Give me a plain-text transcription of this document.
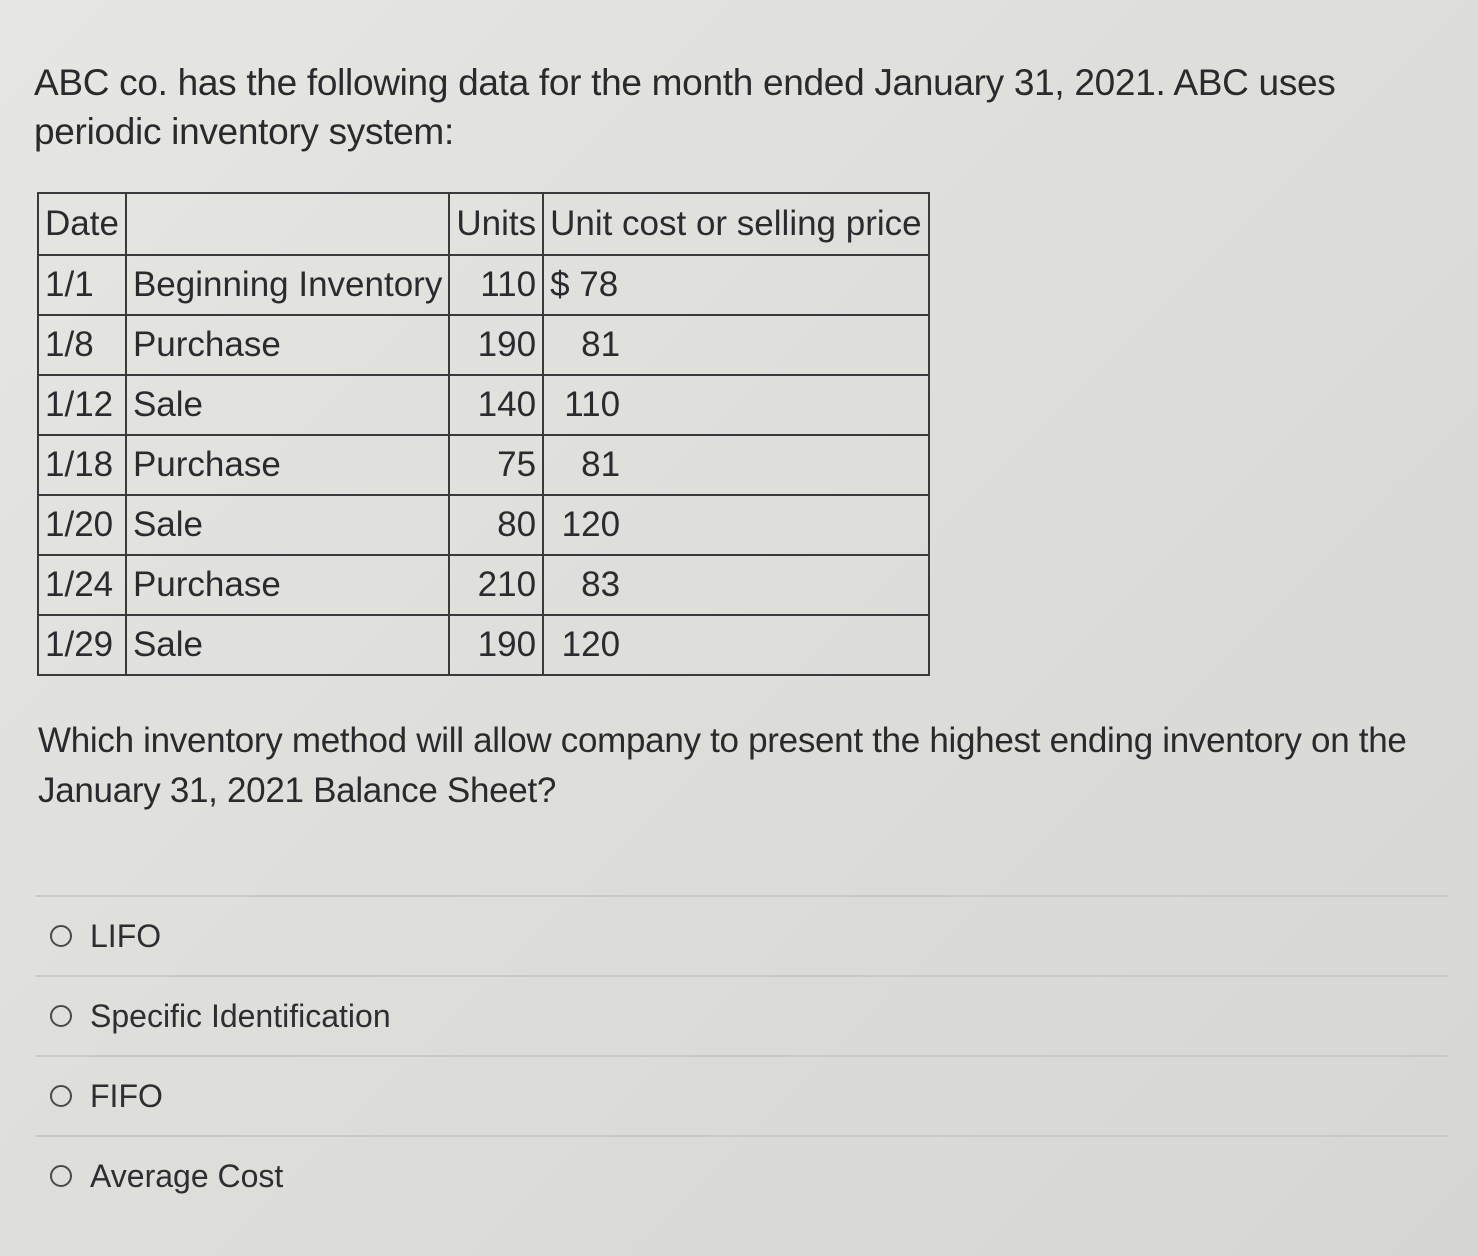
ABC co. has the following data for the month ended January 31, 2021. ABC uses periodic inventory system:
Date		Units	Unit cost or selling price
1/1	Beginning Inventory	110	$ 78
1/8	Purchase	190	81
1/12	Sale	140	110
1/18	Purchase	75	81
1/20	Sale	80	120
1/24	Purchase	210	83
1/29	Sale	190	120
Which inventory method will allow company to present the highest ending inventory on the January 31, 2021 Balance Sheet?
LIFO
Specific Identification
FIFO
Average Cost
